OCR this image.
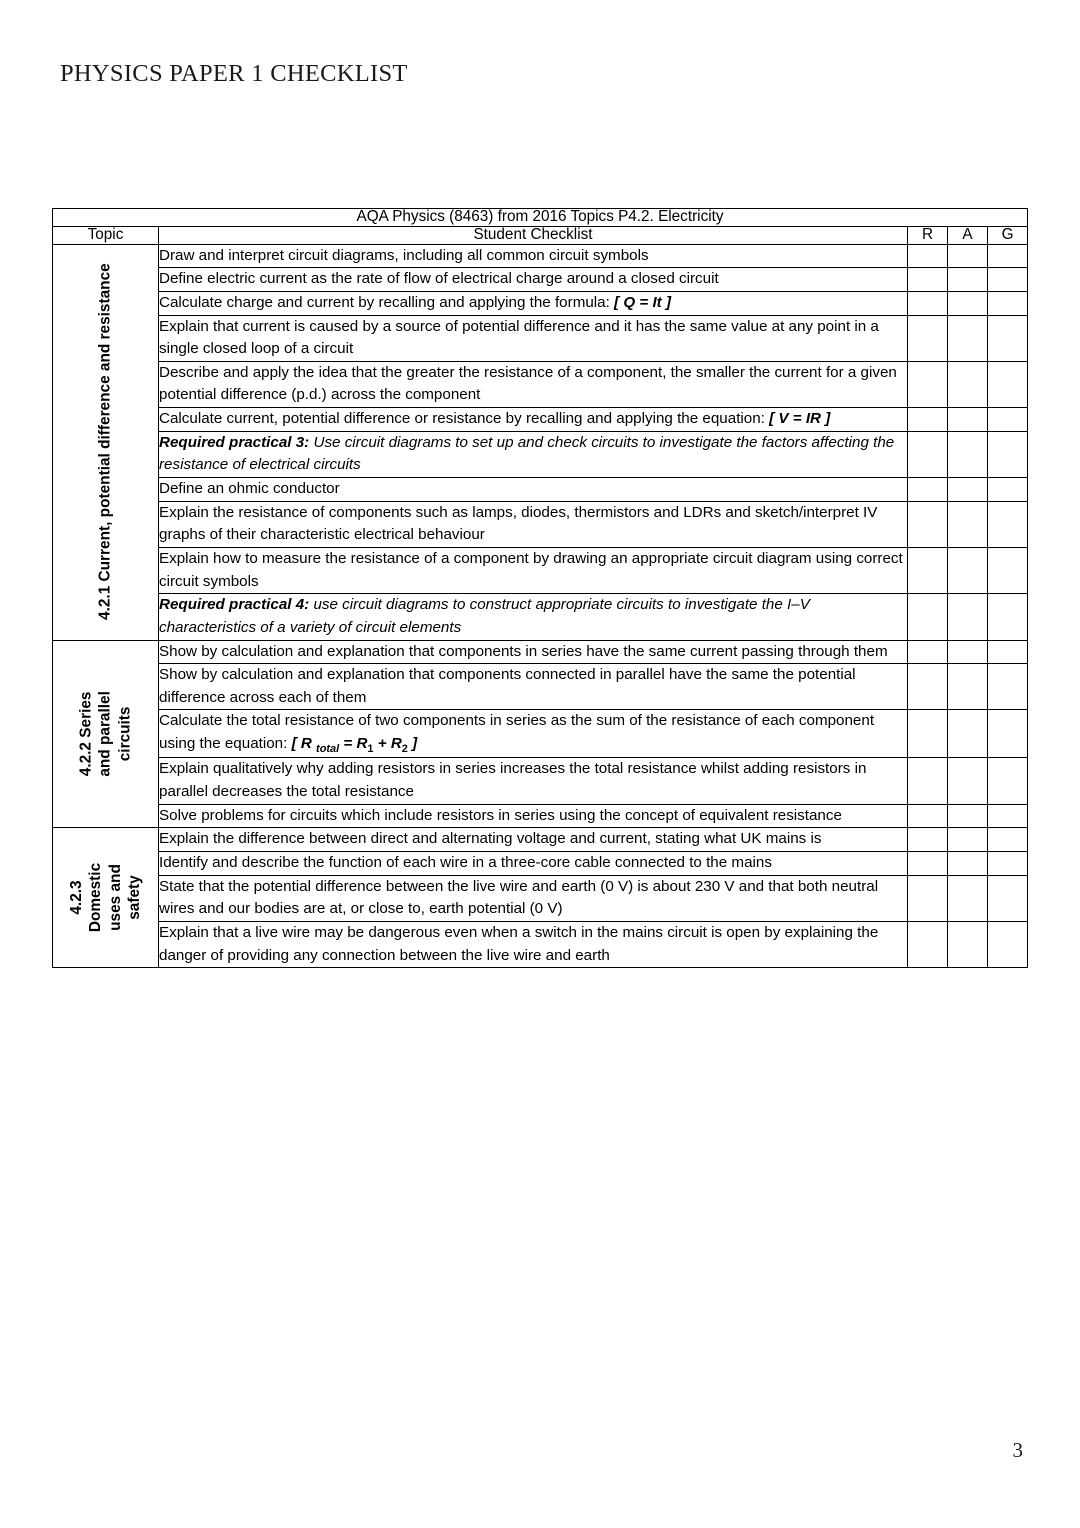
PHYSICS PAPER 1 CHECKLIST
AQA Physics (8463) from 2016 Topics P4.2. Electricity				
Topic	Student Checklist	R	A	G

4.2.1 Current, potential difference and resistance	Draw and interpret circuit diagrams, including all common circuit symbols			
	Define electric current as the rate of flow of electrical charge around a closed circuit			
	Calculate charge and current by recalling and applying the formula: [ Q = It ]			
	Explain that current is caused by a source of potential difference and it has the same value at any point in a single closed loop of a circuit			
	Describe and apply the idea that the greater the resistance of a component, the smaller the current for a given potential difference (p.d.) across the component			
	Calculate current, potential difference or resistance by recalling and applying the equation: [ V = IR ]			
	Required practical 3: Use circuit diagrams to set up and check circuits to investigate the factors affecting the resistance of electrical circuits			
	Define an ohmic conductor			
	Explain the resistance of components such as lamps, diodes, thermistors and LDRs and sketch/interpret IV graphs of their characteristic electrical behaviour			
	Explain how to measure the resistance of a component by drawing an appropriate circuit diagram using correct circuit symbols			
	Required practical 4: use circuit diagrams to construct appropriate circuits to investigate the I–V characteristics of a variety of circuit elements			

4.2.2 Series and parallel circuits	Show by calculation and explanation that components in series have the same current passing through them			
	Show by calculation and explanation that components connected in parallel have the same the potential difference across each of them			
	Calculate the total resistance of two components in series as the sum of the resistance of each component using the equation: [ R $_{total} = R_1 + R_2$ ]			
	Explain qualitatively why adding resistors in series increases the total resistance whilst adding resistors in parallel decreases the total resistance			
	Solve problems for circuits which include resistors in series using the concept of equivalent resistance			

4.2.3 Domestic uses and safety	Explain the difference between direct and alternating voltage and current, stating what UK mains is			
	Identify and describe the function of each wire in a three-core cable connected to the mains			
	State that the potential difference between the live wire and earth (0 V) is about 230 V and that both neutral wires and our bodies are at, or close to, earth potential (0 V)			
	Explain that a live wire may be dangerous even when a switch in the mains circuit is open by explaining the danger of providing any connection between the live wire and earth			
3
